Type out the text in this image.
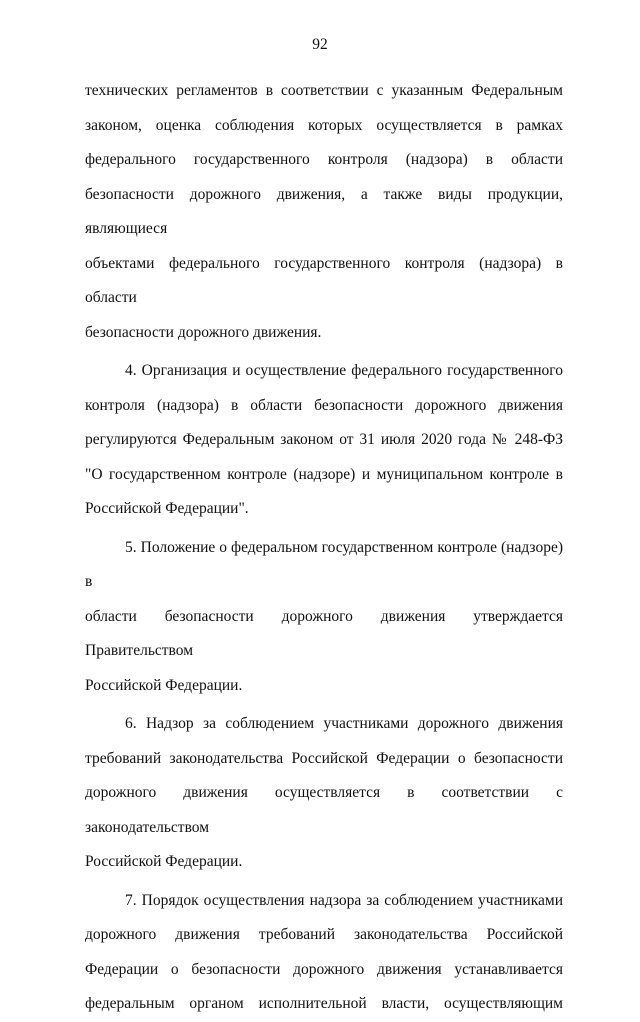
92
технических регламентов в соответствии с указанным Федеральным
законом, оценка соблюдения которых осуществляется в рамках
федерального государственного контроля (надзора) в области
безопасности дорожного движения, а также виды продукции, являющиеся
объектами федерального государственного контроля (надзора) в области
безопасности дорожного движения.
4. Организация и осуществление федерального государственного
контроля (надзора) в области безопасности дорожного движения
регулируются Федеральным законом от 31 июля 2020 года № 248-ФЗ
"О государственном контроле (надзоре) и муниципальном контроле в
Российской Федерации".
5. Положение о федеральном государственном контроле (надзоре) в
области безопасности дорожного движения утверждается Правительством
Российской Федерации.
6. Надзор за соблюдением участниками дорожного движения
требований законодательства Российской Федерации о безопасности
дорожного движения осуществляется в соответствии с законодательством
Российской Федерации.
7. Порядок осуществления надзора за соблюдением участниками
дорожного движения требований законодательства Российской
Федерации о безопасности дорожного движения устанавливается
федеральным органом исполнительной власти, осуществляющим
